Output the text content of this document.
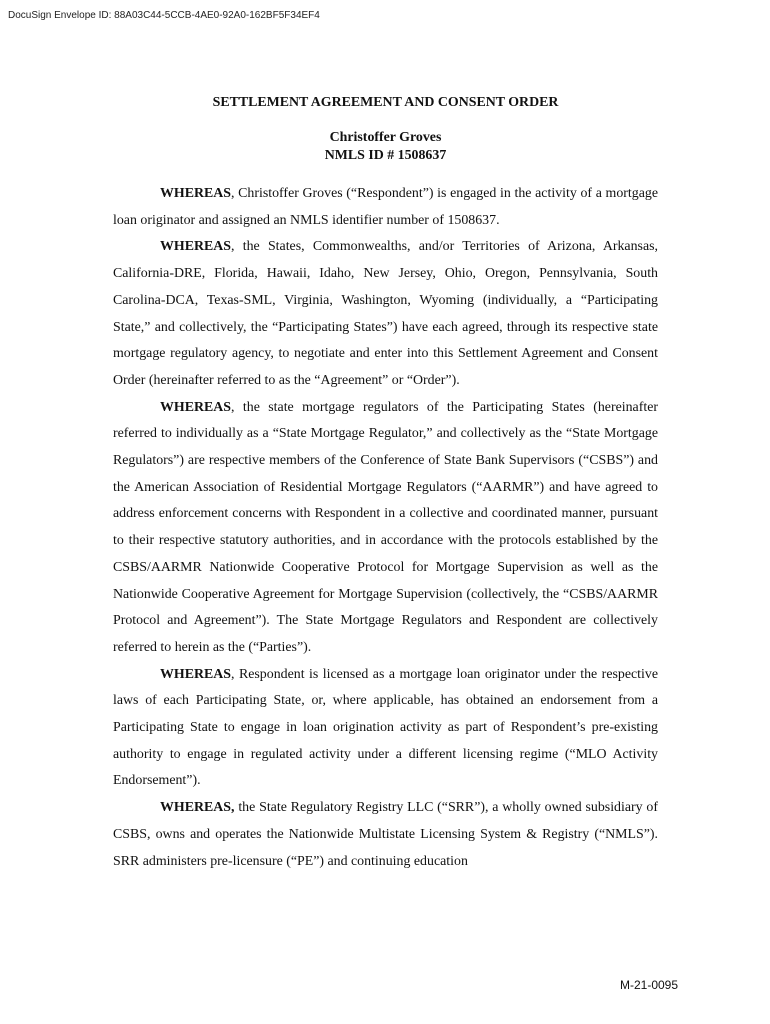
DocuSign Envelope ID: 88A03C44-5CCB-4AE0-92A0-162BF5F34EF4

SETTLEMENT AGREEMENT AND CONSENT ORDER

Christoffer Groves
NMLS ID # 1508637

WHEREAS, Christoffer Groves (“Respondent”) is engaged in the activity of a mortgage loan originator and assigned an NMLS identifier number of 1508637.

WHEREAS, the States, Commonwealths, and/or Territories of Arizona, Arkansas, California-DRE, Florida, Hawaii, Idaho, New Jersey, Ohio, Oregon, Pennsylvania, South Carolina-DCA, Texas-SML, Virginia, Washington, Wyoming (individually, a “Participating State,” and collectively, the “Participating States”) have each agreed, through its respective state mortgage regulatory agency, to negotiate and enter into this Settlement Agreement and Consent Order (hereinafter referred to as the “Agreement” or “Order”).

WHEREAS, the state mortgage regulators of the Participating States (hereinafter referred to individually as a “State Mortgage Regulator,” and collectively as the “State Mortgage Regulators”) are respective members of the Conference of State Bank Supervisors (“CSBS”) and the American Association of Residential Mortgage Regulators (“AARMR”) and have agreed to address enforcement concerns with Respondent in a collective and coordinated manner, pursuant to their respective statutory authorities, and in accordance with the protocols established by the CSBS/AARMR Nationwide Cooperative Protocol for Mortgage Supervision as well as the Nationwide Cooperative Agreement for Mortgage Supervision (collectively, the “CSBS/AARMR Protocol and Agreement”). The State Mortgage Regulators and Respondent are collectively referred to herein as the (“Parties”).

WHEREAS, Respondent is licensed as a mortgage loan originator under the respective laws of each Participating State, or, where applicable, has obtained an endorsement from a Participating State to engage in loan origination activity as part of Respondent’s pre-existing authority to engage in regulated activity under a different licensing regime (“MLO Activity Endorsement”).

WHEREAS, the State Regulatory Registry LLC (“SRR”), a wholly owned subsidiary of CSBS, owns and operates the Nationwide Multistate Licensing System & Registry (“NMLS”). SRR administers pre-licensure (“PE”) and continuing education

M-21-0095
